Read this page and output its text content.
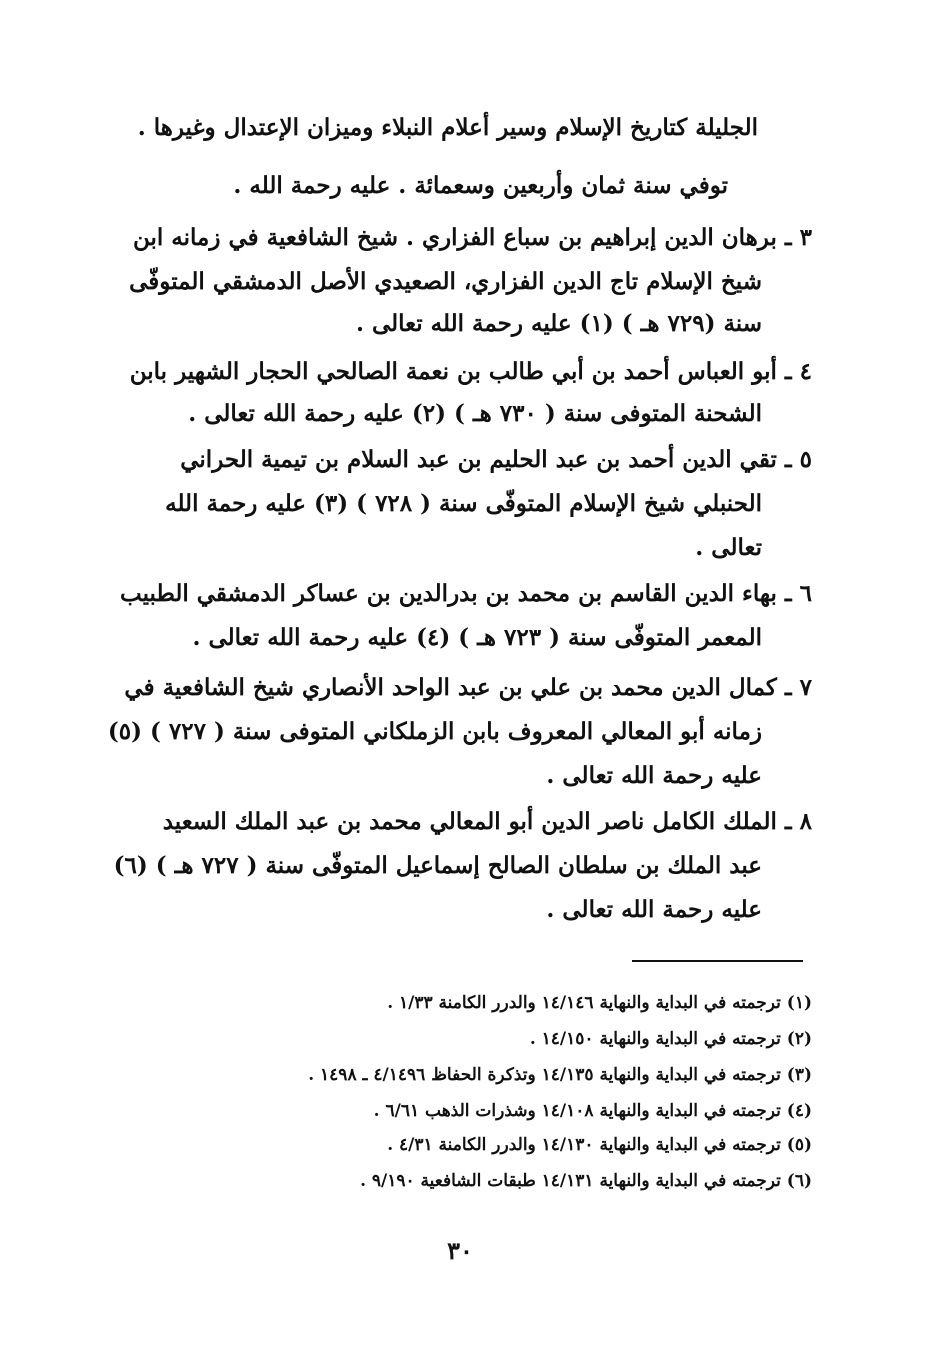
الجليلة كتاريخ الإسلام وسير أعلام النبلاء وميزان الإعتدال وغيرها .
توفي سنة ثمان وأربعين وسعمائة . عليه رحمة الله .
٣ ـ برهان الدين إبراهيم بن سباع الفزاري . شيخ الشافعية في زمانه ابن
شيخ الإسلام تاج الدين الفزاري، الصعيدي الأصل الدمشقي المتوفّى
سنة (٧٢٩ هـ ) (١) عليه رحمة الله تعالى .
٤ ـ أبو العباس أحمد بن أبي طالب بن نعمة الصالحي الحجار الشهير بابن
الشحنة المتوفى سنة ( ٧٣٠ هـ ) (٢) عليه رحمة الله تعالى .
٥ ـ تقي الدين أحمد بن عبد الحليم بن عبد السلام بن تيمية الحراني
الحنبلي شيخ الإسلام المتوفّى سنة ( ٧٢٨ ) (٣) عليه رحمة الله
تعالى .
٦ ـ بهاء الدين القاسم بن محمد بن بدرالدين بن عساكر الدمشقي الطبيب
المعمر المتوفّى سنة ( ٧٢٣ هـ ) (٤) عليه رحمة الله تعالى .
٧ ـ كمال الدين محمد بن علي بن عبد الواحد الأنصاري شيخ الشافعية في
زمانه أبو المعالي المعروف بابن الزملكاني المتوفى سنة ( ٧٢٧ ) (٥)
عليه رحمة الله تعالى .
٨ ـ الملك الكامل ناصر الدين أبو المعالي محمد بن عبد الملك السعيد
عبد الملك بن سلطان الصالح إسماعيل المتوفّى سنة ( ٧٢٧ هـ ) (٦)
عليه رحمة الله تعالى .
(١) ترجمته في البداية والنهاية ١٤/١٤٦ والدرر الكامنة ١/٣٣ .
(٢) ترجمته في البداية والنهاية ١٤/١٥٠ .
(٣) ترجمته في البداية والنهاية ١٤/١٣٥ وتذكرة الحفاظ ٤/١٤٩٦ ـ ١٤٩٨ .
(٤) ترجمته في البداية والنهاية ١٤/١٠٨ وشذرات الذهب ٦/٦١ .
(٥) ترجمته في البداية والنهاية ١٤/١٣٠ والدرر الكامنة ٤/٣١ .
(٦) ترجمته في البداية والنهاية ١٤/١٣١ طبقات الشافعية ٩/١٩٠ .
٣٠
